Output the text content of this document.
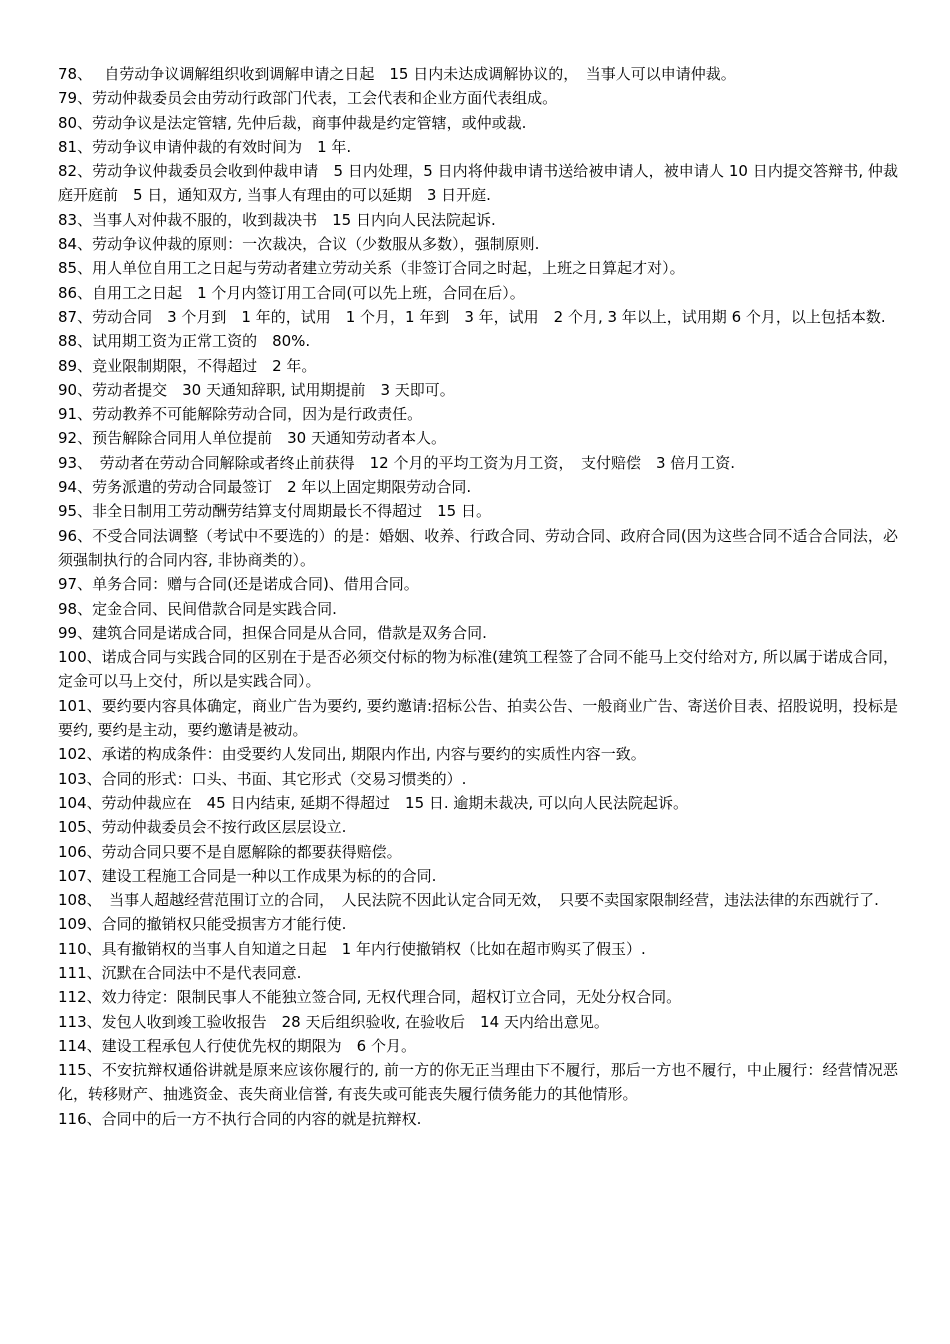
78、　 自劳动争议调解组织收到调解申请之日起　15 日内未达成调解协议的，　当事人可以申请仲裁。

79、劳动仲裁委员会由劳动行政部门代表，工会代表和企业方面代表组成。

80、劳动争议是法定管辖, 先仲后裁，商事仲裁是约定管辖，或仲或裁.

81、劳动争议申请仲裁的有效时间为　1 年.

82、劳动争议仲裁委员会收到仲裁申请　5 日内处理，5 日内将仲裁申请书送给被申请人，被申请人 10 日内提交答辩书, 仲裁庭开庭前　5 日，通知双方, 当事人有理由的可以延期　3 日开庭.

83、当事人对仲裁不服的，收到裁决书　15 日内向人民法院起诉.

84、劳动争议仲裁的原则：一次裁决，合议（少数服从多数），强制原则.

85、用人单位自用工之日起与劳动者建立劳动关系（非签订合同之时起，上班之日算起才对）。

86、自用工之日起　1 个月内签订用工合同(可以先上班，合同在后）。

87、劳动合同　3 个月到　1 年的，试用　1 个月，1 年到　3 年，试用　2 个月, 3 年以上，试用期 6 个月，以上包括本数.

88、试用期工资为正常工资的　80%.

89、竞业限制期限，不得超过　2 年。

90、劳动者提交　30 天通知辞职, 试用期提前　3 天即可。

91、劳动教养不可能解除劳动合同，因为是行政责任。

92、预告解除合同用人单位提前　30 天通知劳动者本人。

93、　劳动者在劳动合同解除或者终止前获得　12 个月的平均工资为月工资，　支付赔偿　3 倍月工资.

94、劳务派遣的劳动合同最签订　2 年以上固定期限劳动合同.

95、非全日制用工劳动酬劳结算支付周期最长不得超过　15 日。

96、不受合同法调整（考试中不要选的）的是：婚姻、收养、行政合同、劳动合同、政府合同(因为这些合同不适合合同法，必须强制执行的合同内容, 非协商类的）。

97、单务合同：赠与合同(还是诺成合同)、借用合同。

98、定金合同、民间借款合同是实践合同.

99、建筑合同是诺成合同，担保合同是从合同，借款是双务合同.

100、诺成合同与实践合同的区别在于是否必须交付标的物为标准(建筑工程签了合同不能马上交付给对方, 所以属于诺成合同，定金可以马上交付，所以是实践合同）。

101、要约要内容具体确定，商业广告为要约, 要约邀请:招标公告、拍卖公告、一般商业广告、寄送价目表、招股说明，投标是要约, 要约是主动，要约邀请是被动。

102、承诺的构成条件：由受要约人发同出, 期限内作出, 内容与要约的实质性内容一致。

103、合同的形式：口头、书面、其它形式（交易习惯类的）.

104、劳动仲裁应在　45 日内结束, 延期不得超过　15 日. 逾期未裁决, 可以向人民法院起诉。

105、劳动仲裁委员会不按行政区层层设立.

106、劳动合同只要不是自愿解除的都要获得赔偿。

107、建设工程施工合同是一种以工作成果为标的的合同.

108、　当事人超越经营范围订立的合同，　人民法院不因此认定合同无效，　只要不卖国家限制经营，违法法律的东西就行了.

109、合同的撤销权只能受损害方才能行使.

110、具有撤销权的当事人自知道之日起　1 年内行使撤销权（比如在超市购买了假玉）.

111、沉默在合同法中不是代表同意.

112、效力待定：限制民事人不能独立签合同, 无权代理合同，超权订立合同，无处分权合同。

113、发包人收到竣工验收报告　28 天后组织验收, 在验收后　14 天内给出意见。

114、建设工程承包人行使优先权的期限为　6 个月。

115、不安抗辩权通俗讲就是原来应该你履行的, 前一方的你无正当理由下不履行，那后一方也不履行，中止履行：经营情况恶化，转移财产、抽逃资金、丧失商业信誉, 有丧失或可能丧失履行债务能力的其他情形。

116、合同中的后一方不执行合同的内容的就是抗辩权.
